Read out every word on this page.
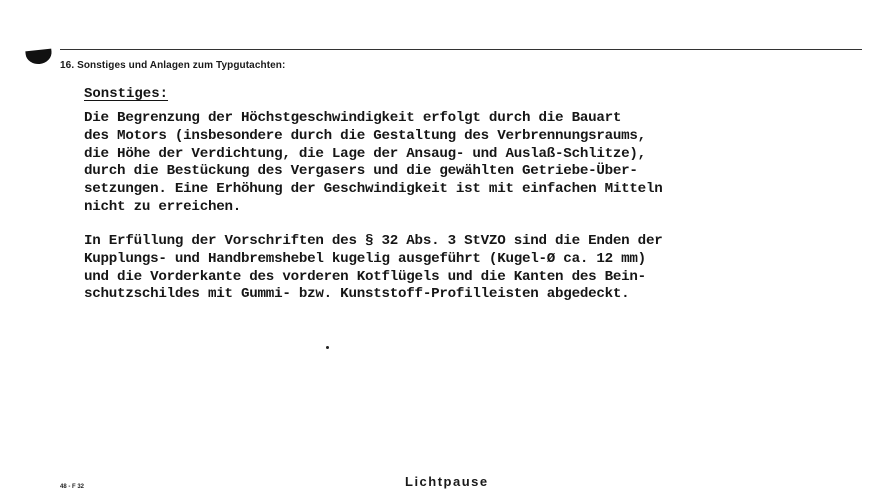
16. Sonstiges und Anlagen zum Typgutachten:
Sonstiges:
Die Begrenzung der Höchstgeschwindigkeit erfolgt durch die Bauart
des Motors (insbesondere durch die Gestaltung des Verbrennungsraums,
die Höhe der Verdichtung, die Lage der Ansaug- und Auslaß-Schlitze),
durch die Bestückung des Vergasers und die gewählten Getriebe-Über-
setzungen. Eine Erhöhung der Geschwindigkeit ist mit einfachen Mitteln
nicht zu erreichen.
In Erfüllung der Vorschriften des § 32 Abs. 3 StVZO sind die Enden der
Kupplungs- und Handbremshebel kugelig ausgeführt (Kugel-Ø ca. 12 mm)
und die Vorderkante des vorderen Kotflügels und die Kanten des Bein-
schutzschildes mit Gummi- bzw. Kunststoff-Profilleisten abgedeckt.
48 - F 32	Lichtpause
